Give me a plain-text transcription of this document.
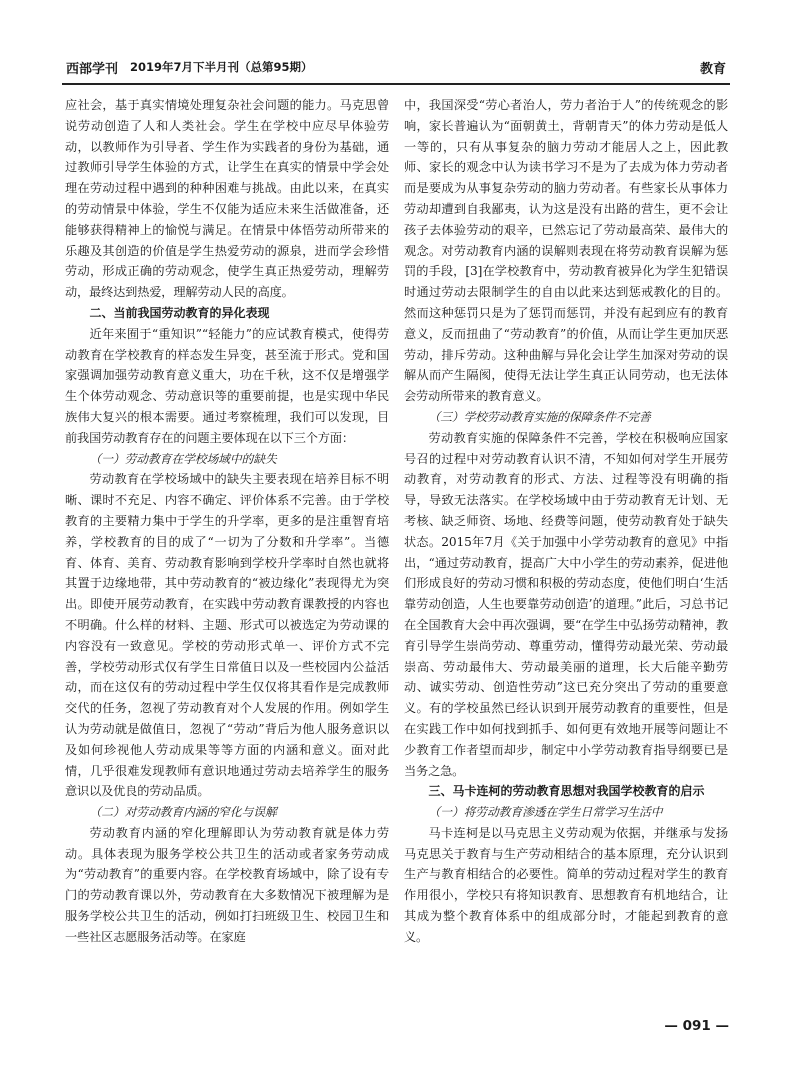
西部学刊 2019年7月下半月刊（总第95期）	教育

应社会，基于真实情境处理复杂社会问题的能力。马克思曾说劳动创造了人和人类社会。学生在学校中应尽早体验劳动，以教师作为引导者、学生作为实践者的身份为基础，通过教师引导学生体验的方式，让学生在真实的情景中学会处理在劳动过程中遇到的种种困难与挑战。由此以来，在真实的劳动情景中体验，学生不仅能为适应未来生活做准备，还能够获得精神上的愉悦与满足。在情景中体悟劳动所带来的乐趣及其创造的价值是学生热爱劳动的源泉，进而学会珍惜劳动，形成正确的劳动观念，使学生真正热爱劳动，理解劳动，最终达到热爱，理解劳动人民的高度。

二、当前我国劳动教育的异化表现

近年来囿于“重知识”“轻能力”的应试教育模式，使得劳动教育在学校教育的样态发生异变，甚至流于形式。党和国家强调加强劳动教育意义重大，功在千秋，这不仅是增强学生个体劳动观念、劳动意识等的重要前提，也是实现中华民族伟大复兴的根本需要。通过考察梳理，我们可以发现，目前我国劳动教育存在的问题主要体现在以下三个方面：

（一）劳动教育在学校场域中的缺失

劳动教育在学校场域中的缺失主要表现在培养目标不明晰、课时不充足、内容不确定、评价体系不完善。由于学校教育的主要精力集中于学生的升学率，更多的是注重智育培养，学校教育的目的成了“一切为了分数和升学率”。当德育、体育、美育、劳动教育影响到学校升学率时自然也就将其置于边缘地带，其中劳动教育的“被边缘化”表现得尤为突出。即使开展劳动教育，在实践中劳动教育课教授的内容也不明确。什么样的材料、主题、形式可以被选定为劳动课的内容没有一致意见。学校的劳动形式单一、评价方式不完善，学校劳动形式仅有学生日常值日以及一些校园内公益活动，而在这仅有的劳动过程中学生仅仅将其看作是完成教师交代的任务，忽视了劳动教育对个人发展的作用。例如学生认为劳动就是做值日，忽视了“劳动”背后为他人服务意识以及如何珍视他人劳动成果等等方面的内涵和意义。面对此情，几乎很难发现教师有意识地通过劳动去培养学生的服务意识以及优良的劳动品质。

（二）对劳动教育内涵的窄化与误解

劳动教育内涵的窄化理解即认为劳动教育就是体力劳动。具体表现为服务学校公共卫生的活动或者家务劳动成为“劳动教育”的重要内容。在学校教育场域中，除了设有专门的劳动教育课以外，劳动教育在大多数情况下被理解为是服务学校公共卫生的活动，例如打扫班级卫生、校园卫生和一些社区志愿服务活动等。在家庭

中，我国深受“劳心者治人，劳力者治于人”的传统观念的影响，家长普遍认为“面朝黄土，背朝青天”的体力劳动是低人一等的，只有从事复杂的脑力劳动才能居人之上，因此教师、家长的观念中认为读书学习不是为了去成为体力劳动者而是要成为从事复杂劳动的脑力劳动者。有些家长从事体力劳动却遭到自我鄙夷，认为这是没有出路的营生，更不会让孩子去体验劳动的艰辛，已然忘记了劳动最高荣、最伟大的观念。对劳动教育内涵的误解则表现在将劳动教育误解为惩罚的手段，[3]在学校教育中，劳动教育被异化为学生犯错误时通过劳动去限制学生的自由以此来达到惩戒教化的目的。然而这种惩罚只是为了惩罚而惩罚，并没有起到应有的教育意义，反而扭曲了“劳动教育”的价值，从而让学生更加厌恶劳动，排斥劳动。这种曲解与异化会让学生加深对劳动的误解从而产生隔阂，使得无法让学生真正认同劳动，也无法体会劳动所带来的教育意义。

（三）学校劳动教育实施的保障条件不完善

劳动教育实施的保障条件不完善，学校在积极响应国家号召的过程中对劳动教育认识不清，不知如何对学生开展劳动教育，对劳动教育的形式、方法、过程等没有明确的指导，导致无法落实。在学校场域中由于劳动教育无计划、无考核、缺乏师资、场地、经费等问题，使劳动教育处于缺失状态。2015年7月《关于加强中小学劳动教育的意见》中指出，“通过劳动教育，提高广大中小学生的劳动素养，促进他们形成良好的劳动习惯和积极的劳动态度，使他们明白‘生活靠劳动创造，人生也要靠劳动创造’的道理。”此后，习总书记在全国教育大会中再次强调，要“在学生中弘扬劳动精神，教育引导学生崇尚劳动、尊重劳动，懂得劳动最光荣、劳动最崇高、劳动最伟大、劳动最美丽的道理，长大后能辛勤劳动、诚实劳动、创造性劳动”这已充分突出了劳动的重要意义。有的学校虽然已经认识到开展劳动教育的重要性，但是在实践工作中如何找到抓手、如何更有效地开展等问题让不少教育工作者望而却步，制定中小学劳动教育指导纲要已是当务之急。

三、马卡连柯的劳动教育思想对我国学校教育的启示

（一）将劳动教育渗透在学生日常学习生活中

马卡连柯是以马克思主义劳动观为依据，并继承与发扬马克思关于教育与生产劳动相结合的基本原理，充分认识到生产与教育相结合的必要性。简单的劳动过程对学生的教育作用很小，学校只有将知识教育、思想教育有机地结合，让其成为整个教育体系中的组成部分时，才能起到教育的意义。

— 091 —
